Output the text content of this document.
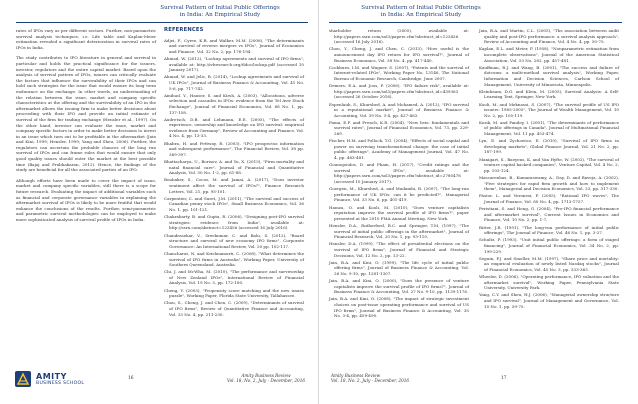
Survival Pattern of Initial Public Offerings
in India: An Empirical Study

rates of IPOs vary as per different sectors. Further, non-parametric survival analysis techniques, i.e. Life table and Kaplan-Meier estimation revealed a significant deterioration in survival rates of IPOs in India.

The study contributes to IPO literature in general and survival in particular and holds the practical significance for the issuers, investor, regulators and the entire capital market. Based upon the analysis of survival pattern of IPOs, issuers can critically evaluate the factors that influence the survivability of their IPOs and can hold such strategies for the issue that would ensure its long term endurance on the exchange. In other words, an understanding of the relation between the issue, market and company specific characteristics at the offering and the survivability of an IPO in the aftermarket allows the issuing firm to make better decisions about proceeding with their IPO and provide an initial estimate of survival of the firm for trading exchange (Hensler et al., 1997). On the other hand, investor can evaluate the issue, market and company specific factors in order to make better decisions to invest in an issue which turn out to be profitable in the aftermarket (Jain and Kini, 1999; Hensler, 1999; Yang and Sheu, 2006). Further, the regulators can ascertain the probable chances of the long run survival of IPOs and can frame rules that would ensure that only good quality issues should enter the market at the best possible time (Bajaj and Prabhakaran, 2012). Hence, the findings of the study are beneficial for all the associated parties of an IPO.

Although efforts have been made to cover the impact of issue, market and company specific variables, still there is a scope for future research. Evaluating the impact of additional variables such as financial and corporate governance variables in explaining the aftermarket survival of IPOs is likely to be more fruitful that would enhance the conclusions of the results. Further, semi-parametric and parametric survival methodologies can be employed to make more sophisticated analysis of survival profile of IPOs in India.

REFERENCES
Adjei, F., Cyree, K.B. and Walker, M.M. (2008), "The determinants and survival of reverse mergers vs IPOs", Journal of Economics and Finance, Vol. 32 No. 2, pp. 176-194.
Ahmad, W. (2012), "Lockup agreements and survival of IPO firms", available at: http://ivlresearch.org/tldoc/lockup.pdf (accessed 10 January 2017).
Ahmad, W. and Jelic, R. (2014), "Lockup agreements and survival of UK IPOs", Journal of Business Finance & Accounting, Vol. 41 No. 5-6, pp. 717-742.
Amihud, Y., Hauser, S. and Kirsh, A. (2003), "Allocations, adverse selection and cascades in IPOs: evidence from the Tel Aviv Stock Exchange", Journal of Financial Economics, Vol. 68 No. 1, pp. 137-158.
Audretsch, D.B. and Lehmann, E.E. (2005), "The effects of experience, ownership and knowledge on IPO survival: empirical evidence from Germany", Review of Accounting and Finance, Vol. 4 No. 4, pp. 13-33.
Bhabra, H. and Pettway, R. (2003), "IPO prospectus information and subsequent performance", The Financial Review, Vol. 38 pp. 369-397.
Bhattacharya, U., Borisov, A. and Yu, X. (2015), "Firm mortality and natal financial care", Journal of Financial and Quantitative Analysis, Vol. 50 No. 1-2, pp. 61-88.
Boubaker, S., Cocos, M. and Jamai, A. (2017), "Does investor sentiment affect the survival of IPOs?", Finance Research Letters, Vol. 21, pp. 95-101.
Carpentier, C. and Suret, J.M. (2011), "The survival and success of Canadian penny stock IPOs", Small Business Economics, Vol. 36 No. 1, pp. 101-121.
Chakrabarty, B. and Gupta, R. (2006), "Designing post-IPO survival strategies: evidence from India", available at: http://ssrn.com/abstract=123456 (accessed 16 July 2016).
Chandrasekar, V., Sreekumar, C. and Balu, S. (2012), "Board structure and survival of new economy IPO firms", Corporate Governance: An International Review, Vol. 20 pp. 102-117.
Chancharat, N. and Krishnamurti, C. (2008), "What determines the survival of IPO firms in Australia", Working Paper, University of Southern Queensland, Australia.
Chi, J. and McWha, M. (2010), "The performance and survivorship of New Zealand IPOs", International Review of Financial Analysis, Vol. 19 No. 3, pp. 172-180.
Cheng, Y. (2003), "Propensity score matching and the new issues puzzle", Working Paper, Florida State University, Tallahassee.
Chou, S., Cheng, J. and Chen, C. (2009), "Determinants of survival of IPO firms", Review of Quantitative Finance and Accounting, Vol. 33 No. 4, pp. 211-230.
AMITY
BUSINESS SCHOOL
16
Amity Business Review
Vol. 18, No. 2, July - December, 2016
Survival Pattern of Initial Public Offerings
in India: An Empirical Study
sharholder return (2005), available at: http://papers.ssrn.com/sol3/papers.cfm?abstract_id=123456 (accessed 16 July 2016).
Chou, Y., Cheng, J. and Chen, C. (2013), "How useful is the announcement day IPO return for IPO survival?", Journal of Business Economics, Vol. 38 No. 4, pp. 417-440.
Cockburn, I.M. and Wagner, S. (2007), "Patents and the survival of Internet-related IPOs", Working Paper No. 13146, The National Bureau of Economic Research, Cambridge, June 2007.
Demers, E.A. and Joos, P. (2006), "IPO failure risk", available at: http://papers.ssrn.com/sol3/papers.cfm?abstract_id=439363 (accessed 26 October 2016).
Espenlaub, S., Khurshed, A. and Mohamed, A. (2012), "IPO survival in a reputational market", Journal of Business Finance & Accounting, Vol. 39 No. 3-4, pp. 427-463.
Fama, E.F. and French, K.R. (2004), "New lists: fundamentals and survival rates", Journal of Financial Economics, Vol. 73, pp. 229-269.
Fischer, H.M. and Pollock, T.G. (2004), "Effects of social capital and power on surviving transformational change: the case of initial public offerings", Academy of Management Journal, Vol. 47 No. 4, pp. 463-481.
Gounopoulos, D. and Pham, H. (2017), "Credit ratings and the survival of IPOs", available at: http://papers.ssrn.com/sol3/papers.cfm?abstract_id=2780476 (accessed 10 January 2017).
Goergen, M., Khurshed, A. and Mudambi, R. (2007), "The long-run performance of UK IPOs: can it be predicted?", Managerial Finance, Vol. 33 No. 6, pp. 401-419.
Hamza, O. and Kooli, M. (2010), "Does venture capitalists reputation improve the survival profile of IPO firms?", paper presented at the 2010 FMA Annual Meeting, New York.
Hensler, D.A., Rutherford, R.C. and Springer, T.M. (1997), "The survival of initial public offerings in the aftermarket", Journal of Financial Research, Vol. 20 No. 1, pp. 93-110.
Hensler, D.A. (1999), "The effect of presidential elections on the survival of IPO firms", Journal of Financial and Strategic Decisions, Vol. 12 No. 2, pp. 13-22.
Jain, B.A. and Kini, O. (1999), "The life cycle of initial public offering firms", Journal of Business Finance & Accounting, Vol. 26 No. 9-10, pp. 1281-1307.
Jain, B.A. and Kini, O. (2000), "Does the presence of venture capitalists improve the survival profile of IPO firms?", Journal of Business Finance & Accounting, Vol. 27 No. 9-10, pp. 1139-1176.
Jain, B.A. and Kini, O. (2008), "The impact of strategic investment choices on post-issue operating performance and survival of US IPO firms", Journal of Business Finance & Accounting, Vol. 35 No. 3-4, pp. 459-490.
Jain, B.A. and Martin, C.L. (2005), "The association between audit quality and post-IPO performance: a survival analysis approach", Review of Accounting and Finance, Vol. 4 No. 4, pp. 50-75.
Kaplan, E.L. and Meier, P. (1958), "Nonparametric estimation from incomplete observations", Journal of the American Statistical Association, Vol. 53 No. 282, pp. 457-481.
Kauffman, R.J. and Wang, B. (2001), "The success and failure of dotcoms: a multi-method survival analysis", Working Paper, Information and Decision Sciences, Carlson School of Management, University of Minnesota, Minneapolis.
Kleinbaum, D.G. and Klein, M. (2005), Survival Analysis: A Self-Learning Text, Springer, New York.
Kooli, M. and Meknassi, S. (2007), "The survival profile of US IPO issuers: 1985-2005", The Journal of Wealth Management, Vol. 10 No. 2, pp. 105-119.
Kosik, M. and Pandey, I. (2001), "The determinants of performance of public offerings in Canada", Journal of Multinational Financial Management, Vol. 11 pp. 453-474.
Lyn, E. and Zychowicz, E. (2010), "Survival of IPO firms in developing markets", Global Finance Journal, Vol. 21 No. 2, pp. 187-199.
Manigart, S., Baeyens, K. and Van Hyfte, W. (2002), "The survival of venture capital backed companies", Venture Capital, Vol. 4 No. 2, pp. 103-124.
Mascarenhas, B., Kumaraswamy, A., Day, D. and Baveja, A. (2002), "Five strategies for rapid firm growth and how to implement them", Managerial and Decision Economics, Vol. 23, pp. 317-330.
Pástor, L. and Veronesi, P. (2005), "Rational IPO waves", The Journal of Finance, Vol. 60 No. 4, pp. 1713-1757.
Peristiani, S. and Hong, G. (2004), "Pre-IPO financial performance and aftermarket survival", Current Issues in Economics and Finance, Vol. 10 No. 2, pp. 1-7.
Ritter, J.R. (1991), "The long-run performance of initial public offerings", The Journal of Finance, Vol. 46 No. 1, pp. 3-27.
Schultz, P. (1993), "Unit initial public offerings: a form of staged financing", Journal of Financial Economics, Vol. 34 No. 2, pp. 199-229.
Seguin, P.J. and Smoller, M.M. (1997), "Share price and mortality: an empirical evaluation of newly listed Nasdaq stocks", Journal of Financial Economics, Vol. 45 No. 3, pp. 333-363.
Wheeler, D. (2006), "Operating performance, IPO valuation and the aftermarket survival", Working Paper, Pennsylvania State University, University Park.
Yang, C.Y. and Sheu, H.J. (2006), "Managerial ownership structure and IPO survival", Journal of Management and Governance, Vol. 10 No. 1, pp. 59-75.
Amity Business Review
Vol. 18, No. 2, July - December, 2016	17
